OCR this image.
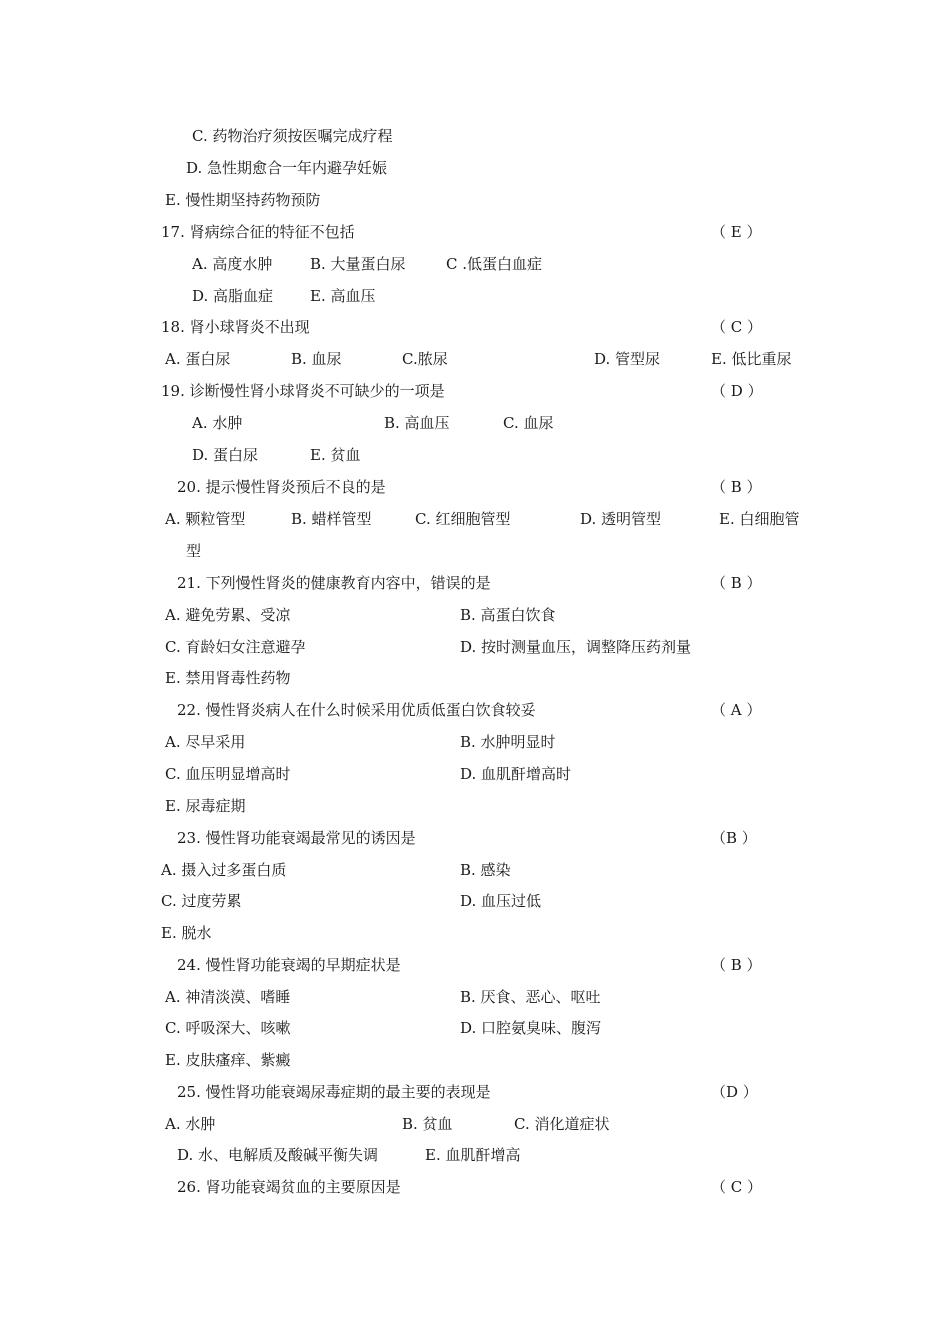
C. 药物治疗须按医嘱完成疗程
D. 急性期愈合一年内避孕妊娠
E. 慢性期坚持药物预防
17. 肾病综合征的特征不包括	（ E ）
A. 高度水肿	B. 大量蛋白尿	C .低蛋白血症
D. 高脂血症 E. 高血压
18. 肾小球肾炎不出现	（ C ）
A. 蛋白尿	B. 血尿	C.脓尿	D. 管型尿	E. 低比重尿
19. 诊断慢性肾小球肾炎不可缺少的一项是	（ D ）
A. 水肿	B. 高血压	C. 血尿
D. 蛋白尿	E. 贫血
20. 提示慢性肾炎预后不良的是	（ B ）
A. 颗粒管型	B. 蜡样管型	C. 红细胞管型	D. 透明管型	E. 白细胞管
型
21. 下列慢性肾炎的健康教育内容中，错误的是	（ B ）
A. 避免劳累、受凉	B. 高蛋白饮食
C. 育龄妇女注意避孕	D. 按时测量血压，调整降压药剂量
E. 禁用肾毒性药物
22. 慢性肾炎病人在什么时候采用优质低蛋白饮食较妥	（ A ）
A. 尽早采用	B. 水肿明显时
C. 血压明显增高时	D. 血肌酐增高时
E. 尿毒症期
23. 慢性肾功能衰竭最常见的诱因是	（B ）
A. 摄入过多蛋白质	B. 感染
C. 过度劳累	D. 血压过低
E. 脱水
24. 慢性肾功能衰竭的早期症状是	（ B ）
A. 神清淡漠、嗜睡	B. 厌食、恶心、呕吐
C. 呼吸深大、咳嗽	D. 口腔氨臭味、腹泻
E. 皮肤瘙痒、紫癜
25. 慢性肾功能衰竭尿毒症期的最主要的表现是	（D ）
A. 水肿	B. 贫血	C. 消化道症状
D. 水、电解质及酸碱平衡失调	E. 血肌酐增高
26. 肾功能衰竭贫血的主要原因是	（ C ）
